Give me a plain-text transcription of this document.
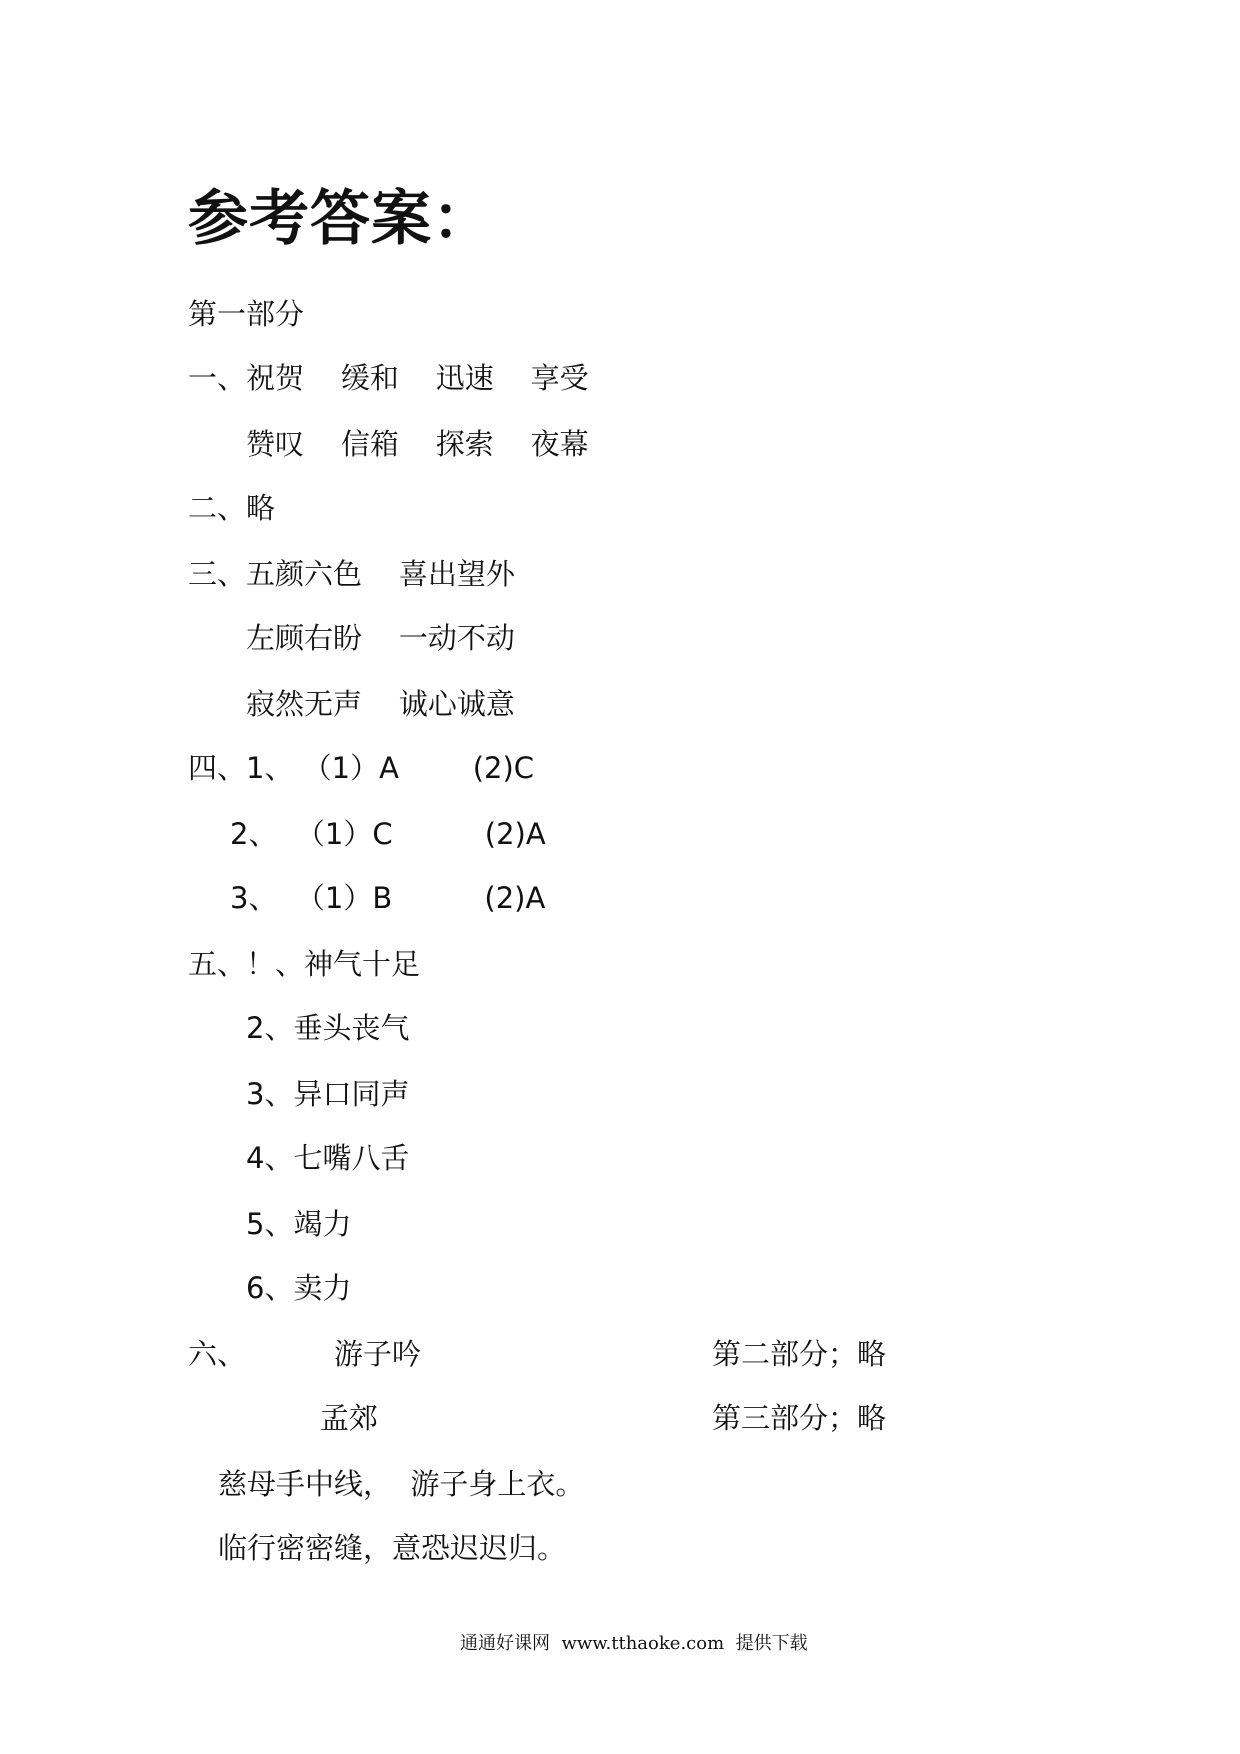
参考答案：
第一部分
一、祝贺    缓和    迅速    享受
赞叹    信箱    探索    夜幕
二、略
三、五颜六色    喜出望外
左顾右盼    一动不动
寂然无声    诚心诚意
四、1、 （1）A        (2)C
2、  （1）C          (2)A
3、  （1）B          (2)A
五、！、神气十足
2、垂头丧气
3、异口同声
4、七嘴八舌
5、竭力
6、卖力
六、	游子吟	第二部分；略
孟郊	第三部分；略
慈母手中线，  游子身上衣。
临行密密缝，意恐迟迟归。
通通好课网  www.tthaoke.com  提供下载
